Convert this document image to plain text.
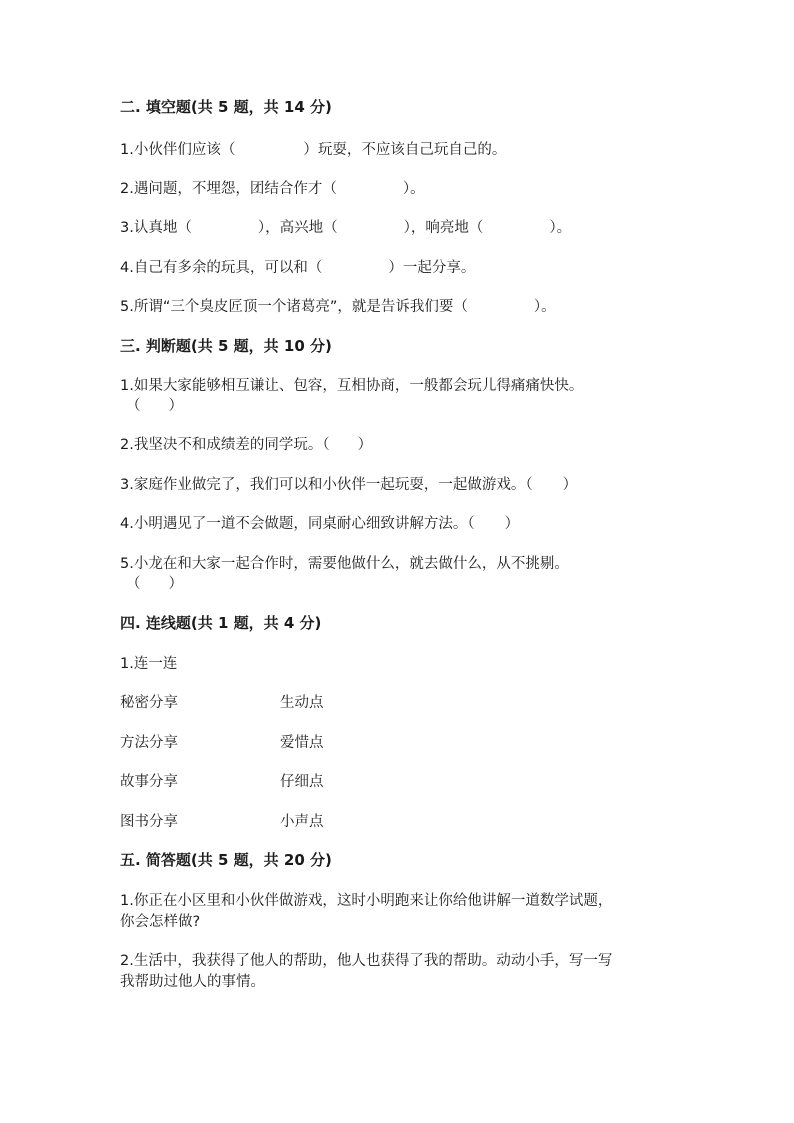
二. 填空题(共 5 题，共 14 分)
1.小伙伴们应该（	）玩耍，不应该自己玩自己的。
2.遇问题，不埋怨，团结合作才（	）。
3.认真地（	），高兴地（	），响亮地（	）。
4.自己有多余的玩具，可以和（	）一起分享。
5.所谓“三个臭皮匠顶一个诸葛亮”，就是告诉我们要（	）。
三. 判断题(共 5 题，共 10 分)
1.如果大家能够相互谦让、包容，互相协商，一般都会玩儿得痛痛快快。
（ ）
2.我坚决不和成绩差的同学玩。（ ）
3.家庭作业做完了，我们可以和小伙伴一起玩耍，一起做游戏。（ ）
4.小明遇见了一道不会做题，同桌耐心细致讲解方法。（ ）
5.小龙在和大家一起合作时，需要他做什么，就去做什么，从不挑剔。
（ ）
四. 连线题(共 1 题，共 4 分)
1.连一连
秘密分享	生动点
方法分享	爱惜点
故事分享	仔细点
图书分享	小声点
五. 简答题(共 5 题，共 20 分)
1.你正在小区里和小伙伴做游戏，这时小明跑来让你给他讲解一道数学试题，
你会怎样做?
2.生活中，我获得了他人的帮助，他人也获得了我的帮助。动动小手，写一写
我帮助过他人的事情。
